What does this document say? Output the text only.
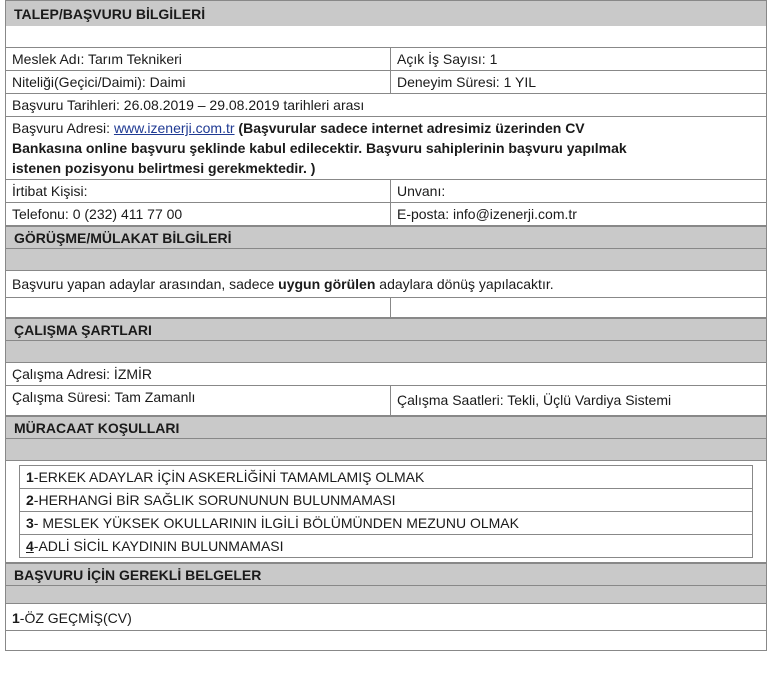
TALEP/BAŞVURU BİLGİLERİ
Meslek Adı: Tarım Teknikeri	Açık İş Sayısı: 1
Niteliği(Geçici/Daimi): Daimi	Deneyim Süresi: 1 YIL
Başvuru Tarihleri: 26.08.2019 – 29.08.2019 tarihleri arası
Başvuru Adresi: www.izenerji.com.tr (Başvurular sadece internet adresimiz üzerinden CV
Bankasına online başvuru şeklinde kabul edilecektir. Başvuru sahiplerinin başvuru yapılmak
istenen pozisyonu belirtmesi gerekmektedir. )
İrtibat Kişisi:	Unvanı:
Telefonu: 0 (232) 411 77 00	E-posta: info@izenerji.com.tr
GÖRÜŞME/MÜLAKAT BİLGİLERİ
Başvuru yapan adaylar arasından, sadece uygun görülen adaylara dönüş yapılacaktır.
ÇALIŞMA ŞARTLARI
Çalışma Adresi: İZMİR
Çalışma Süresi: Tam Zamanlı	Çalışma Saatleri: Tekli, Üçlü Vardiya Sistemi
MÜRACAAT KOŞULLARI
1-ERKEK ADAYLAR İÇİN ASKERLİĞİNİ TAMAMLAMIŞ OLMAK
2-HERHANGİ BİR SAĞLIK SORUNUNUN BULUNMAMASI
3- MESLEK YÜKSEK OKULLARININ İLGİLİ BÖLÜMÜNDEN MEZUNU OLMAK
4-ADLİ SİCİL KAYDININ BULUNMAMASI
BAŞVURU İÇİN GEREKLİ BELGELER
1-ÖZ GEÇMİŞ(CV)
